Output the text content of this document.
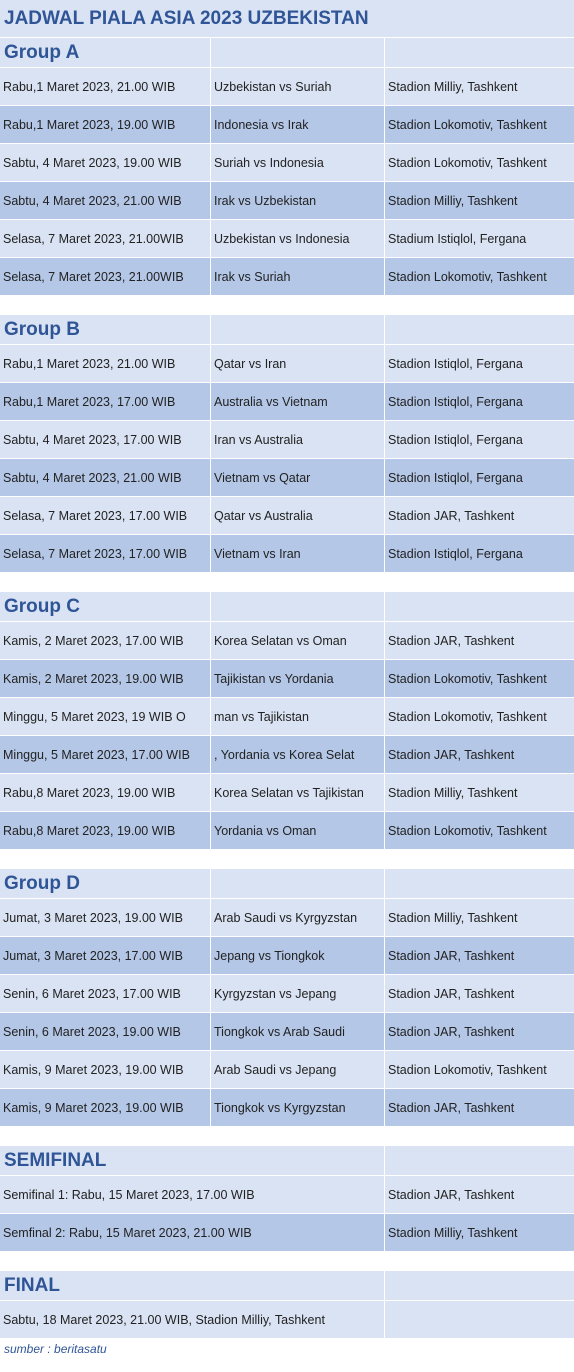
JADWAL PIALA ASIA 2023 UZBEKISTAN
Group A
Rabu,1 Maret 2023, 21.00 WIB	Uzbekistan vs Suriah	Stadion Milliy, Tashkent
Rabu,1 Maret 2023, 19.00 WIB	Indonesia vs Irak	Stadion Lokomotiv, Tashkent
Sabtu, 4 Maret 2023, 19.00 WIB	Suriah vs Indonesia	Stadion Lokomotiv, Tashkent
Sabtu, 4 Maret 2023, 21.00 WIB	Irak vs Uzbekistan	Stadion Milliy, Tashkent
Selasa, 7 Maret 2023, 21.00WIB	Uzbekistan vs Indonesia	Stadium Istiqlol, Fergana
Selasa, 7 Maret 2023, 21.00WIB	Irak vs Suriah	Stadion Lokomotiv, Tashkent
Group B
Rabu,1 Maret 2023, 21.00 WIB	Qatar vs Iran	Stadion Istiqlol, Fergana
Rabu,1 Maret 2023, 17.00 WIB	Australia vs Vietnam	Stadion Istiqlol, Fergana
Sabtu, 4 Maret 2023, 17.00 WIB	Iran vs Australia	Stadion Istiqlol, Fergana
Sabtu, 4 Maret 2023, 21.00 WIB	Vietnam vs Qatar	Stadion Istiqlol, Fergana
Selasa, 7 Maret 2023, 17.00 WIB	Qatar vs Australia	Stadion JAR, Tashkent
Selasa, 7 Maret 2023, 17.00 WIB	Vietnam vs Iran	Stadion Istiqlol, Fergana
Group C
Kamis, 2 Maret 2023, 17.00 WIB	Korea Selatan vs Oman	Stadion JAR, Tashkent
Kamis, 2 Maret 2023, 19.00 WIB	Tajikistan vs Yordania	Stadion Lokomotiv, Tashkent
Minggu, 5 Maret 2023, 19 WIB O	man vs Tajikistan	Stadion Lokomotiv, Tashkent
Minggu, 5 Maret 2023, 17.00 WIB	, Yordania vs Korea Selat	Stadion JAR, Tashkent
Rabu,8 Maret 2023, 19.00 WIB	Korea Selatan vs Tajikistan	Stadion Milliy, Tashkent
Rabu,8 Maret 2023, 19.00 WIB	Yordania vs Oman	Stadion Lokomotiv, Tashkent
Group D
Jumat, 3 Maret 2023, 19.00 WIB	Arab Saudi vs Kyrgyzstan	Stadion Milliy, Tashkent
Jumat, 3 Maret 2023, 17.00 WIB	Jepang vs Tiongkok	Stadion JAR, Tashkent
Senin, 6 Maret 2023, 17.00 WIB	Kyrgyzstan vs Jepang	Stadion JAR, Tashkent
Senin, 6 Maret 2023, 19.00 WIB	Tiongkok vs Arab Saudi	Stadion JAR, Tashkent
Kamis, 9 Maret 2023, 19.00 WIB	Arab Saudi vs Jepang	Stadion Lokomotiv, Tashkent
Kamis, 9 Maret 2023, 19.00 WIB	Tiongkok vs Kyrgyzstan	Stadion JAR, Tashkent
SEMIFINAL
Semifinal 1: Rabu, 15 Maret 2023, 17.00 WIB	Stadion JAR, Tashkent
Semfinal 2: Rabu, 15 Maret 2023, 21.00 WIB	Stadion Milliy, Tashkent
FINAL
Sabtu, 18 Maret 2023, 21.00 WIB, Stadion Milliy, Tashkent
sumber : beritasatu
